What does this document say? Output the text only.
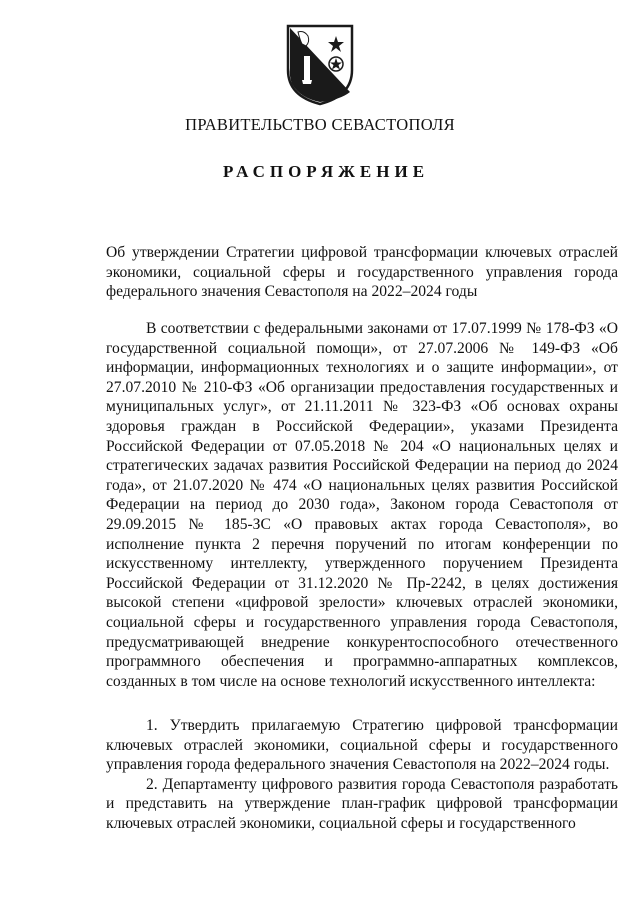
ПРАВИТЕЛЬСТВО СЕВАСТОПОЛЯ
РАСПОРЯЖЕНИЕ
Об утверждении Стратегии цифровой трансформации ключевых отраслей экономики, социальной сферы и государственного управления города федерального значения Севастополя на 2022–2024 годы

В соответствии с федеральными законами от 17.07.1999 № 178-ФЗ «О государственной социальной помощи», от 27.07.2006 № 149-ФЗ «Об информации, информационных технологиях и о защите информации», от 27.07.2010 № 210-ФЗ «Об организации предоставления государственных и муниципальных услуг», от 21.11.2011 № 323-ФЗ «Об основах охраны здоровья граждан в Российской Федерации», указами Президента Российской Федерации от 07.05.2018 № 204 «О национальных целях и стратегических задачах развития Российской Федерации на период до 2024 года», от 21.07.2020 № 474 «О национальных целях развития Российской Федерации на период до 2030 года», Законом города Севастополя от 29.09.2015 № 185-ЗС «О правовых актах города Севастополя», во исполнение пункта 2 перечня поручений по итогам конференции по искусственному интеллекту, утвержденного поручением Президента Российской Федерации от 31.12.2020 № Пр-2242, в целях достижения высокой степени «цифровой зрелости» ключевых отраслей экономики, социальной сферы и государственного управления города Севастополя, предусматривающей внедрение конкурентоспособного отечественного программного обеспечения и программно-аппаратных комплексов, созданных в том числе на основе технологий искусственного интеллекта:

1. Утвердить прилагаемую Стратегию цифровой трансформации ключевых отраслей экономики, социальной сферы и государственного управления города федерального значения Севастополя на 2022–2024 годы.

2. Департаменту цифрового развития города Севастополя разработать и представить на утверждение план-график цифровой трансформации ключевых отраслей экономики, социальной сферы и государственного
